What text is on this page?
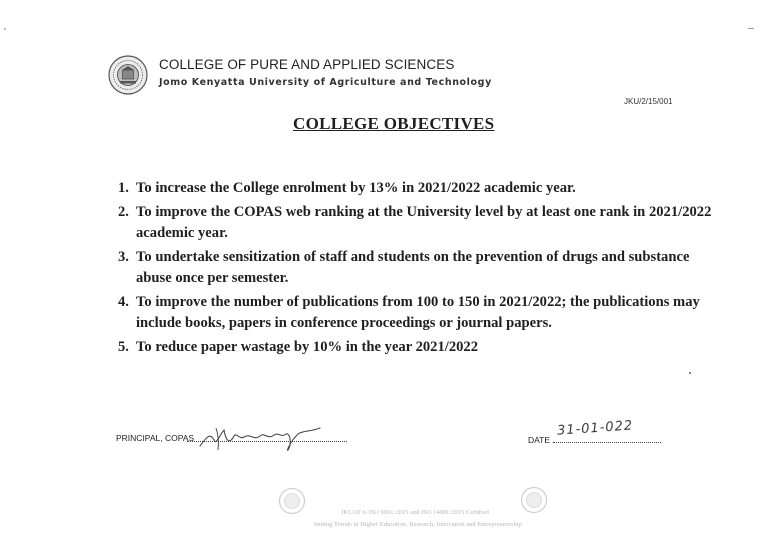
COLLEGE OF PURE AND APPLIED SCIENCES
Jomo Kenyatta University of Agriculture and Technology
JKU/2/15/001
COLLEGE OBJECTIVES
1. To increase the College enrolment by 13% in 2021/2022 academic year.
2. To improve the COPAS web ranking at the University level by at least one rank in 2021/2022 academic year.
3. To undertake sensitization of staff and students on the prevention of drugs and substance abuse once per semester.
4. To improve the number of publications from 100 to 150 in 2021/2022; the publications may include books, papers in conference proceedings or journal papers.
5. To reduce paper wastage by 10% in the year 2021/2022
PRINCIPAL, COPAS	DATE
31-01-022
JKUAT is ISO 9001:2015 and ISO 14001:2015 Certified
Setting Trends in Higher Education, Research, Innovation and Entrepreneurship
